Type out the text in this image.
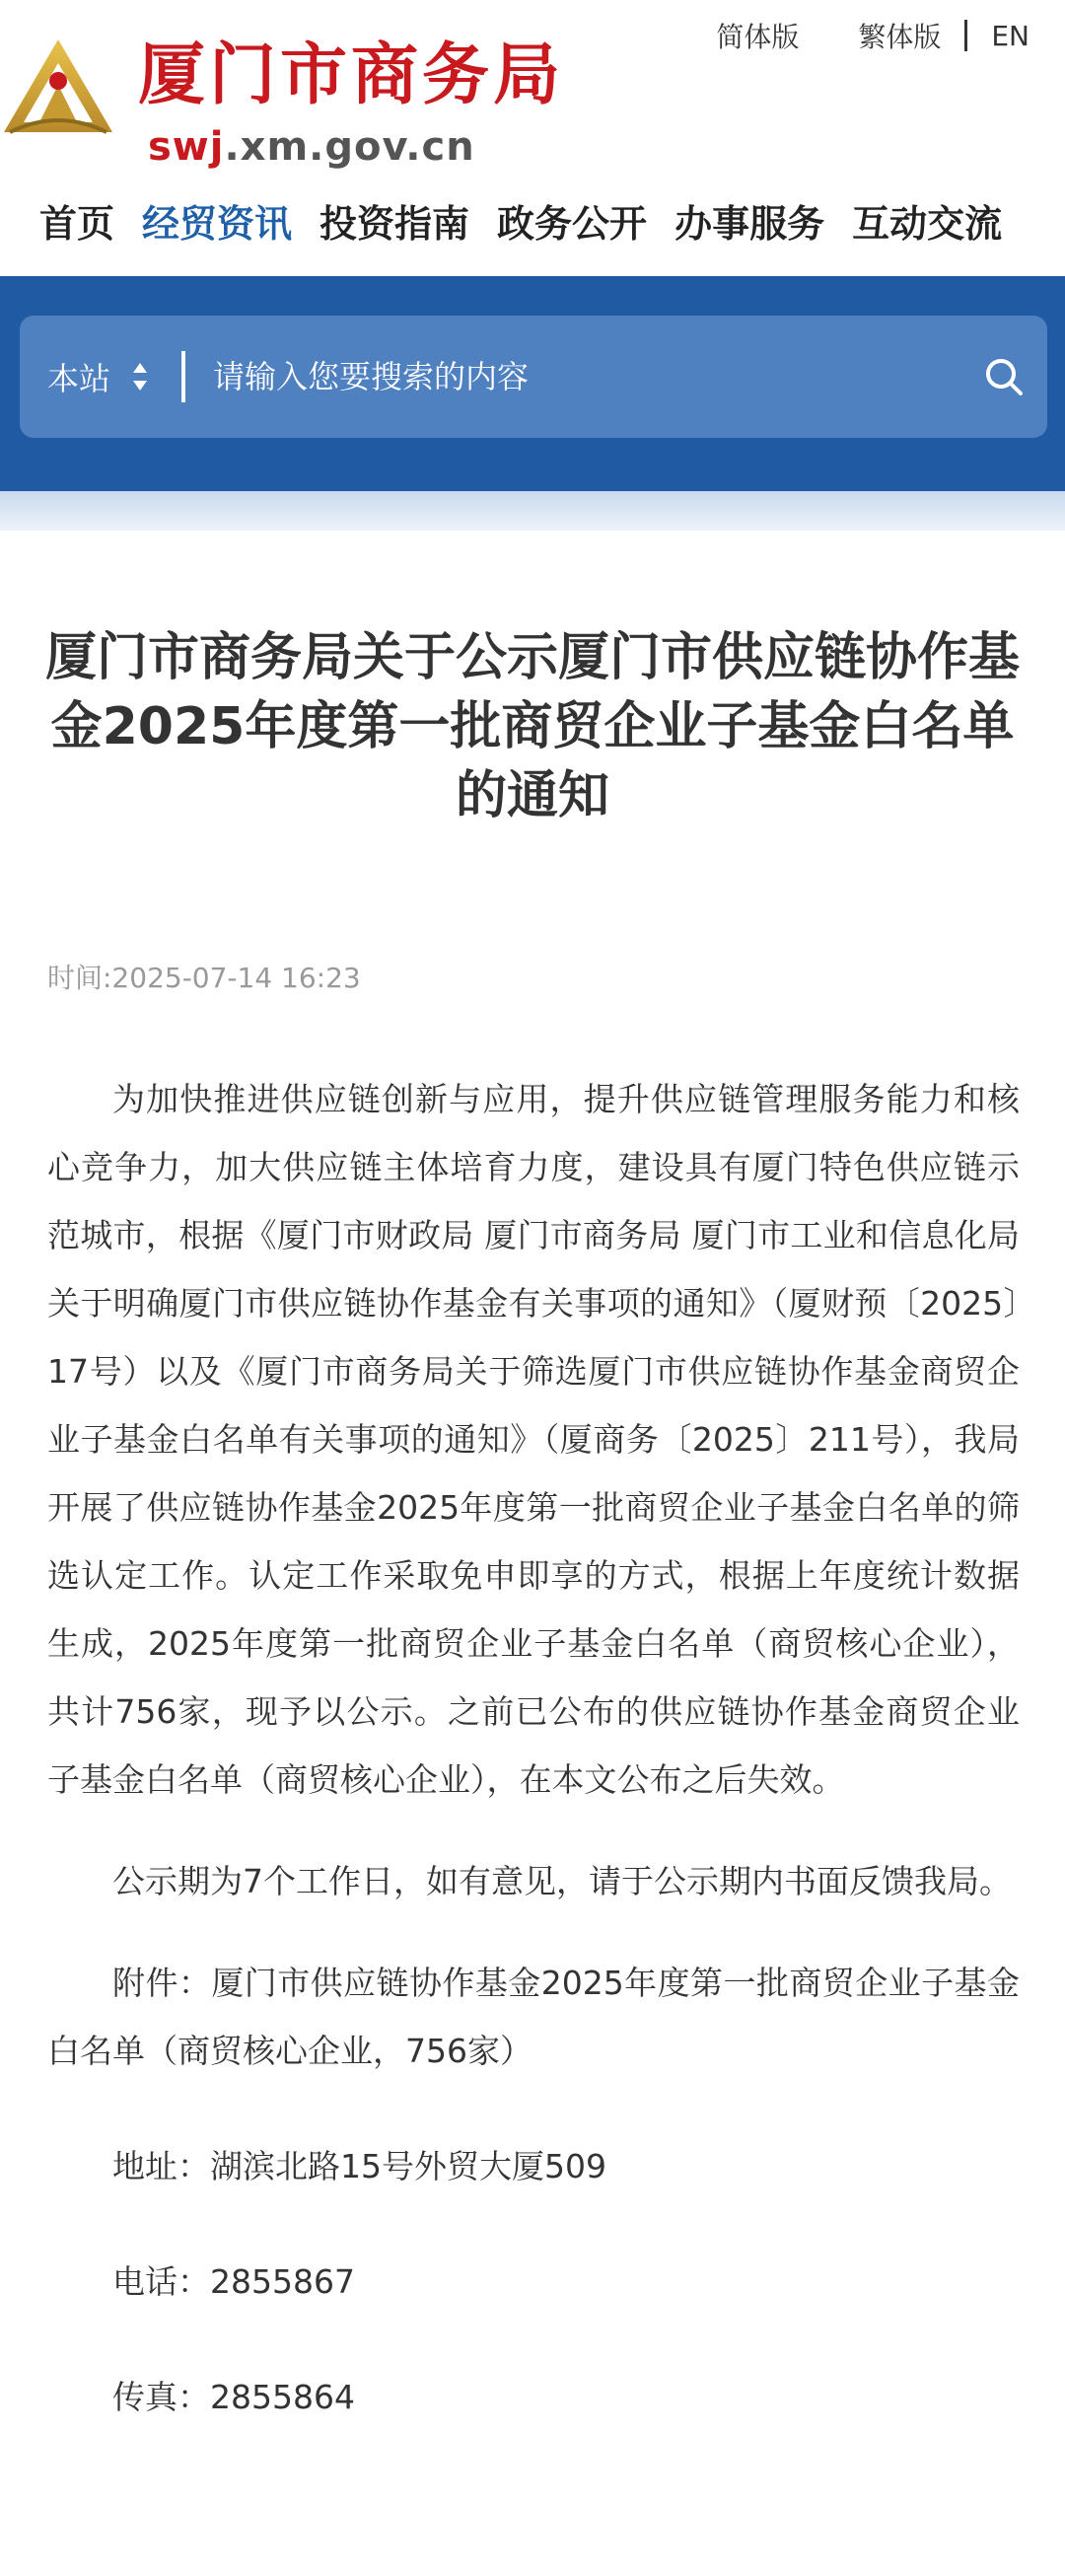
厦门市商务局
swj.xm.gov.cn
简体版 繁体版 EN
首页 经贸资讯 投资指南 政务公开 办事服务 互动交流
本站
请输入您要搜索的内容
厦门市商务局关于公示厦门市供应链协作基金2025年度第一批商贸企业子基金白名单的通知
时间:2025-07-14 16:23

为加快推进供应链创新与应用，提升供应链管理服务能力和核心竞争力，加大供应链主体培育力度，建设具有厦门特色供应链示范城市，根据《厦门市财政局 厦门市商务局 厦门市工业和信息化局关于明确厦门市供应链协作基金有关事项的通知》（厦财预〔2025〕17号）以及《厦门市商务局关于筛选厦门市供应链协作基金商贸企业子基金白名单有关事项的通知》（厦商务〔2025〕211号），我局开展了供应链协作基金2025年度第一批商贸企业子基金白名单的筛选认定工作。认定工作采取免申即享的方式，根据上年度统计数据生成，2025年度第一批商贸企业子基金白名单（商贸核心企业），共计756家，现予以公示。之前已公布的供应链协作基金商贸企业子基金白名单（商贸核心企业），在本文公布之后失效。

公示期为7个工作日，如有意见，请于公示期内书面反馈我局。

附件：厦门市供应链协作基金2025年度第一批商贸企业子基金白名单（商贸核心企业，756家）

地址：湖滨北路15号外贸大厦509

电话：2855867

传真：2855864
